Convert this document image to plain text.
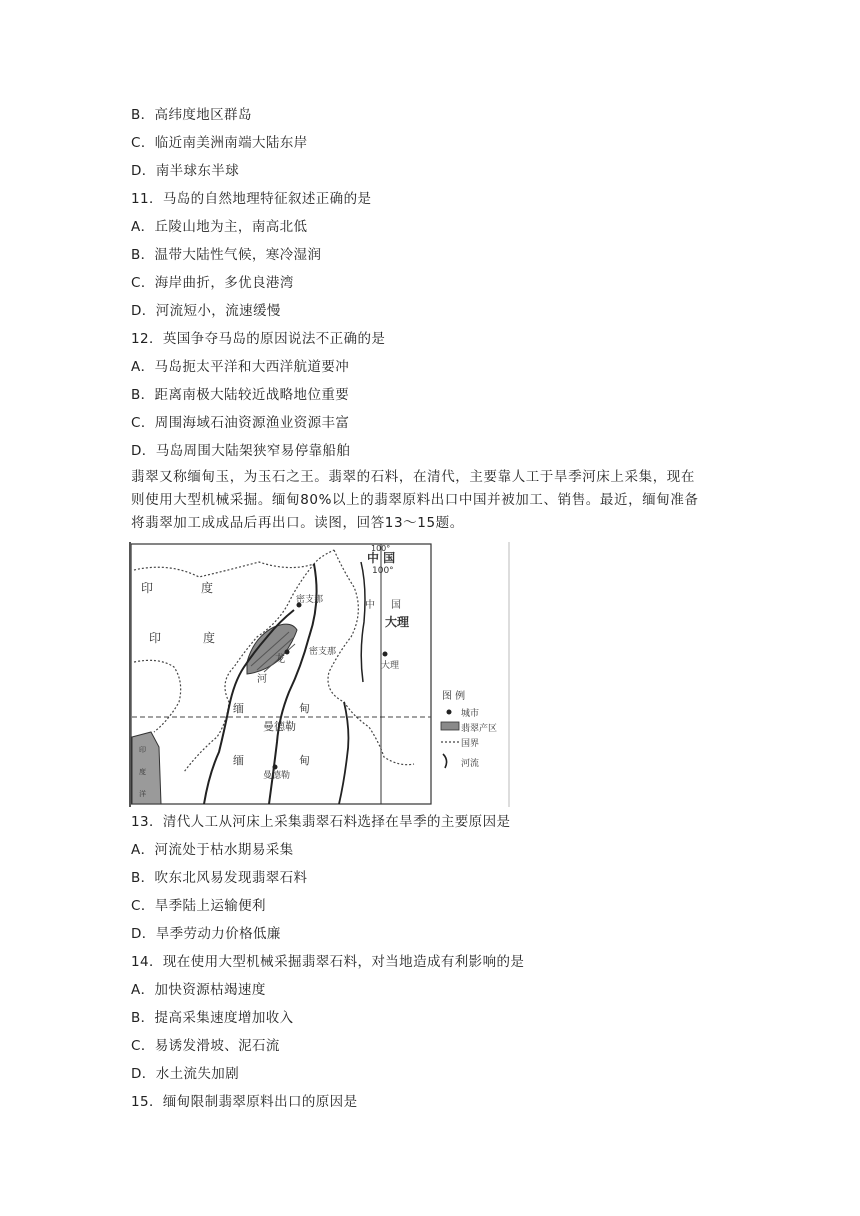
B．高纬度地区群岛
C．临近南美洲南端大陆东岸
D．南半球东半球
11．马岛的自然地理特征叙述正确的是
A．丘陵山地为主，南高北低
B．温带大陆性气候，寒冷湿润
C．海岸曲折，多优良港湾
D．河流短小，流速缓慢
12．英国争夺马岛的原因说法不正确的是
A．马岛扼太平洋和大西洋航道要冲
B．距离南极大陆较近战略地位重要
C．周围海域石油资源渔业资源丰富
D．马岛周围大陆架狭窄易停靠船舶
翡翠又称缅甸玉，为玉石之王。翡翠的石料，在清代，主要靠人工于旱季河床上采集，现在
则使用大型机械采掘。缅甸80%以上的翡翠原料出口中国并被加工、销售。最近，缅甸准备
将翡翠加工成成品后再出口。读图，回答13～15题。
印	度
印	度
中 国
100°
100°
中 国
大理
大理
密支那
密支那
龙
河
缅	甸
曼德勒
缅	甸
曼德勒
印
度
洋
图 例
城市
翡翠产区
国界
河流
13．清代人工从河床上采集翡翠石料选择在旱季的主要原因是
A．河流处于枯水期易采集
B．吹东北风易发现翡翠石料
C．旱季陆上运输便利
D．旱季劳动力价格低廉
14．现在使用大型机械采掘翡翠石料，对当地造成有利影响的是
A．加快资源枯竭速度
B．提高采集速度增加收入
C．易诱发滑坡、泥石流
D．水土流失加剧
15．缅甸限制翡翠原料出口的原因是
